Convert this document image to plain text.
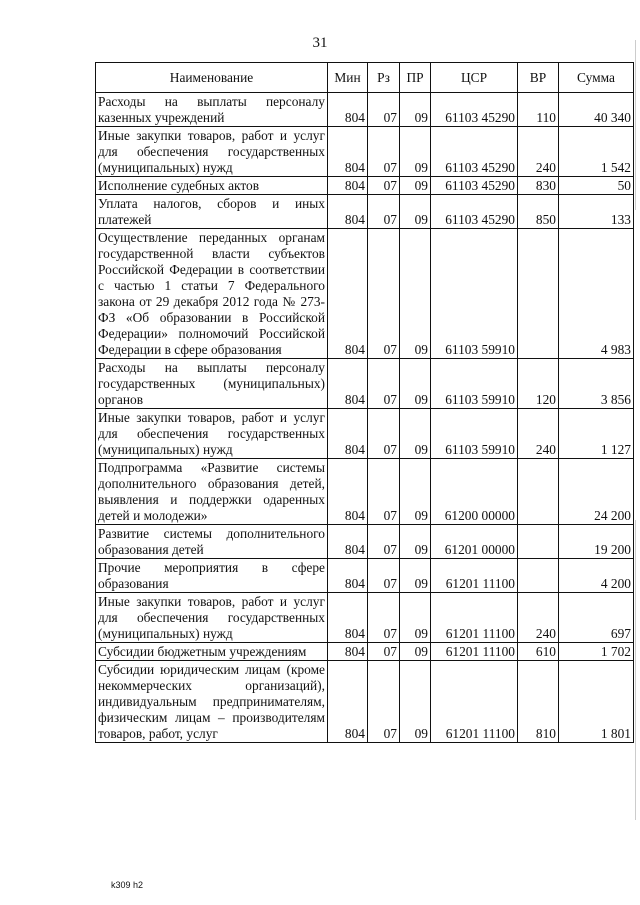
31
Наименование	Мин	Рз	ПР	ЦСР	ВР	Сумма
Расходы на выплаты персоналу казенных учреждений	804	07	09	61103 45290	110	40 340
Иные закупки товаров, работ и услуг для обеспечения государственных (муниципальных) нужд	804	07	09	61103 45290	240	1 542
Исполнение судебных актов	804	07	09	61103 45290	830	50
Уплата налогов, сборов и иных платежей	804	07	09	61103 45290	850	133
Осуществление переданных органам государственной власти субъектов Российской Федерации в соответствии с частью 1 статьи 7 Федерального закона от 29 декабря 2012 года № 273-ФЗ «Об образовании в Российской Федерации» полномочий Российской Федерации в сфере образования	804	07	09	61103 59910		4 983
Расходы на выплаты персоналу государственных (муниципальных) органов	804	07	09	61103 59910	120	3 856
Иные закупки товаров, работ и услуг для обеспечения государственных (муниципальных) нужд	804	07	09	61103 59910	240	1 127
Подпрограмма «Развитие системы дополнительного образования детей, выявления и поддержки одаренных детей и молодежи»	804	07	09	61200 00000		24 200
Развитие системы дополнительного образования детей	804	07	09	61201 00000		19 200
Прочие мероприятия в сфере образования	804	07	09	61201 11100		4 200
Иные закупки товаров, работ и услуг для обеспечения государственных (муниципальных) нужд	804	07	09	61201 11100	240	697
Субсидии бюджетным учреждениям	804	07	09	61201 11100	610	1 702
Субсидии юридическим лицам (кроме некоммерческих организаций), индивидуальным предпринимателям, физическим лицам – производителям товаров, работ, услуг	804	07	09	61201 11100	810	1 801
k309 h2
